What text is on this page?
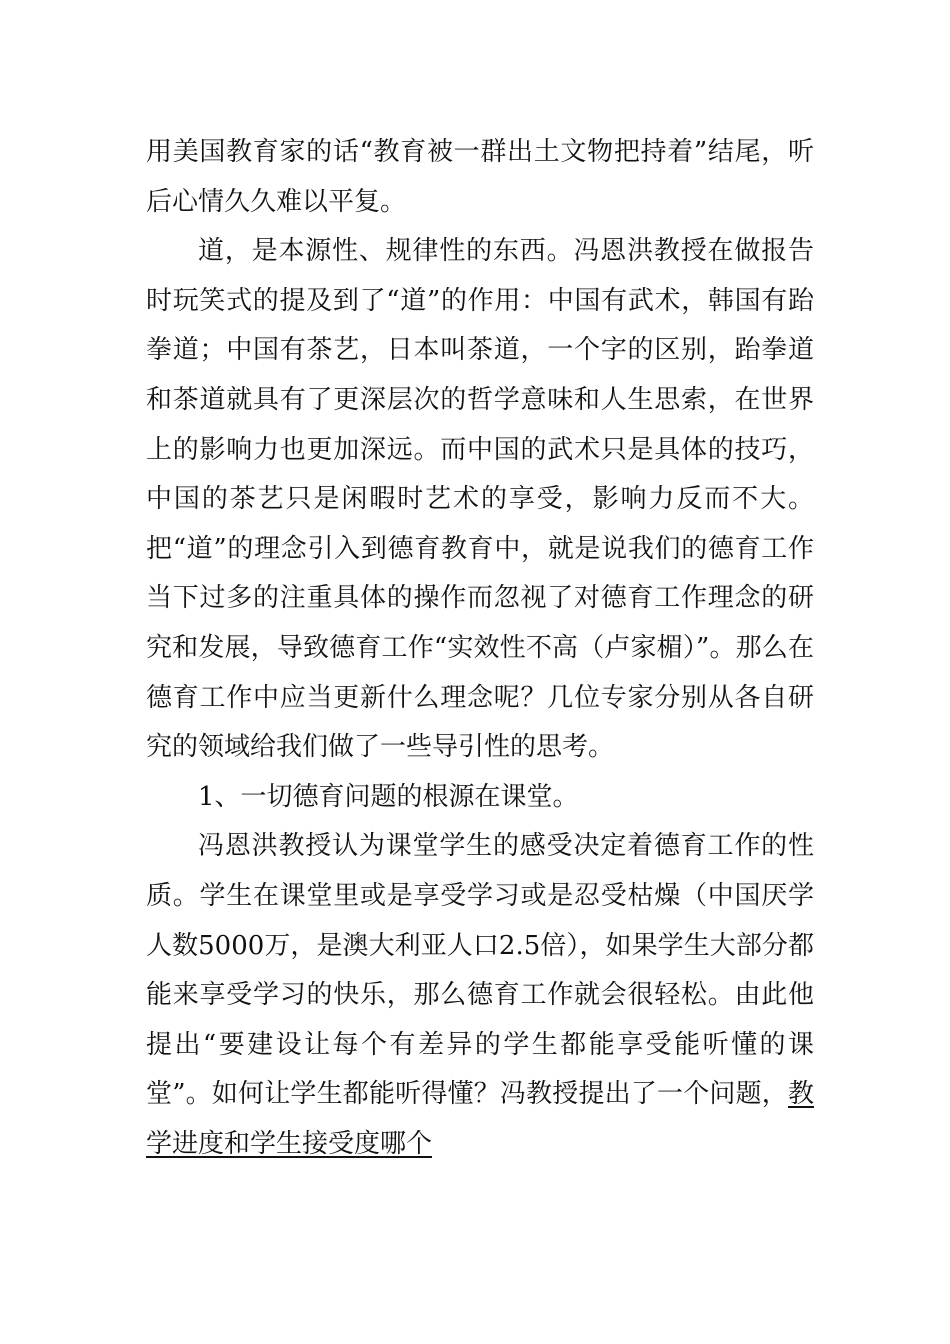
用美国教育家的话“教育被一群出土文物把持着”结尾，听后心情久久难以平复。

道，是本源性、规律性的东西。冯恩洪教授在做报告时玩笑式的提及到了“道”的作用：中国有武术，韩国有跆拳道；中国有茶艺，日本叫茶道，一个字的区别，跆拳道和茶道就具有了更深层次的哲学意味和人生思索，在世界上的影响力也更加深远。而中国的武术只是具体的技巧，中国的茶艺只是闲暇时艺术的享受，影响力反而不大。把“道”的理念引入到德育教育中，就是说我们的德育工作当下过多的注重具体的操作而忽视了对德育工作理念的研究和发展，导致德育工作“实效性不高（卢家楣）”。那么在德育工作中应当更新什么理念呢？几位专家分别从各自研究的领域给我们做了一些导引性的思考。

1、一切德育问题的根源在课堂。

冯恩洪教授认为课堂学生的感受决定着德育工作的性质。学生在课堂里或是享受学习或是忍受枯燥（中国厌学人数5000万，是澳大利亚人口2.5倍），如果学生大部分都能来享受学习的快乐，那么德育工作就会很轻松。由此他提出“要建设让每个有差异的学生都能享受能听懂的课堂”。如何让学生都能听得懂？冯教授提出了一个问题，教学进度和学生接受度哪个
